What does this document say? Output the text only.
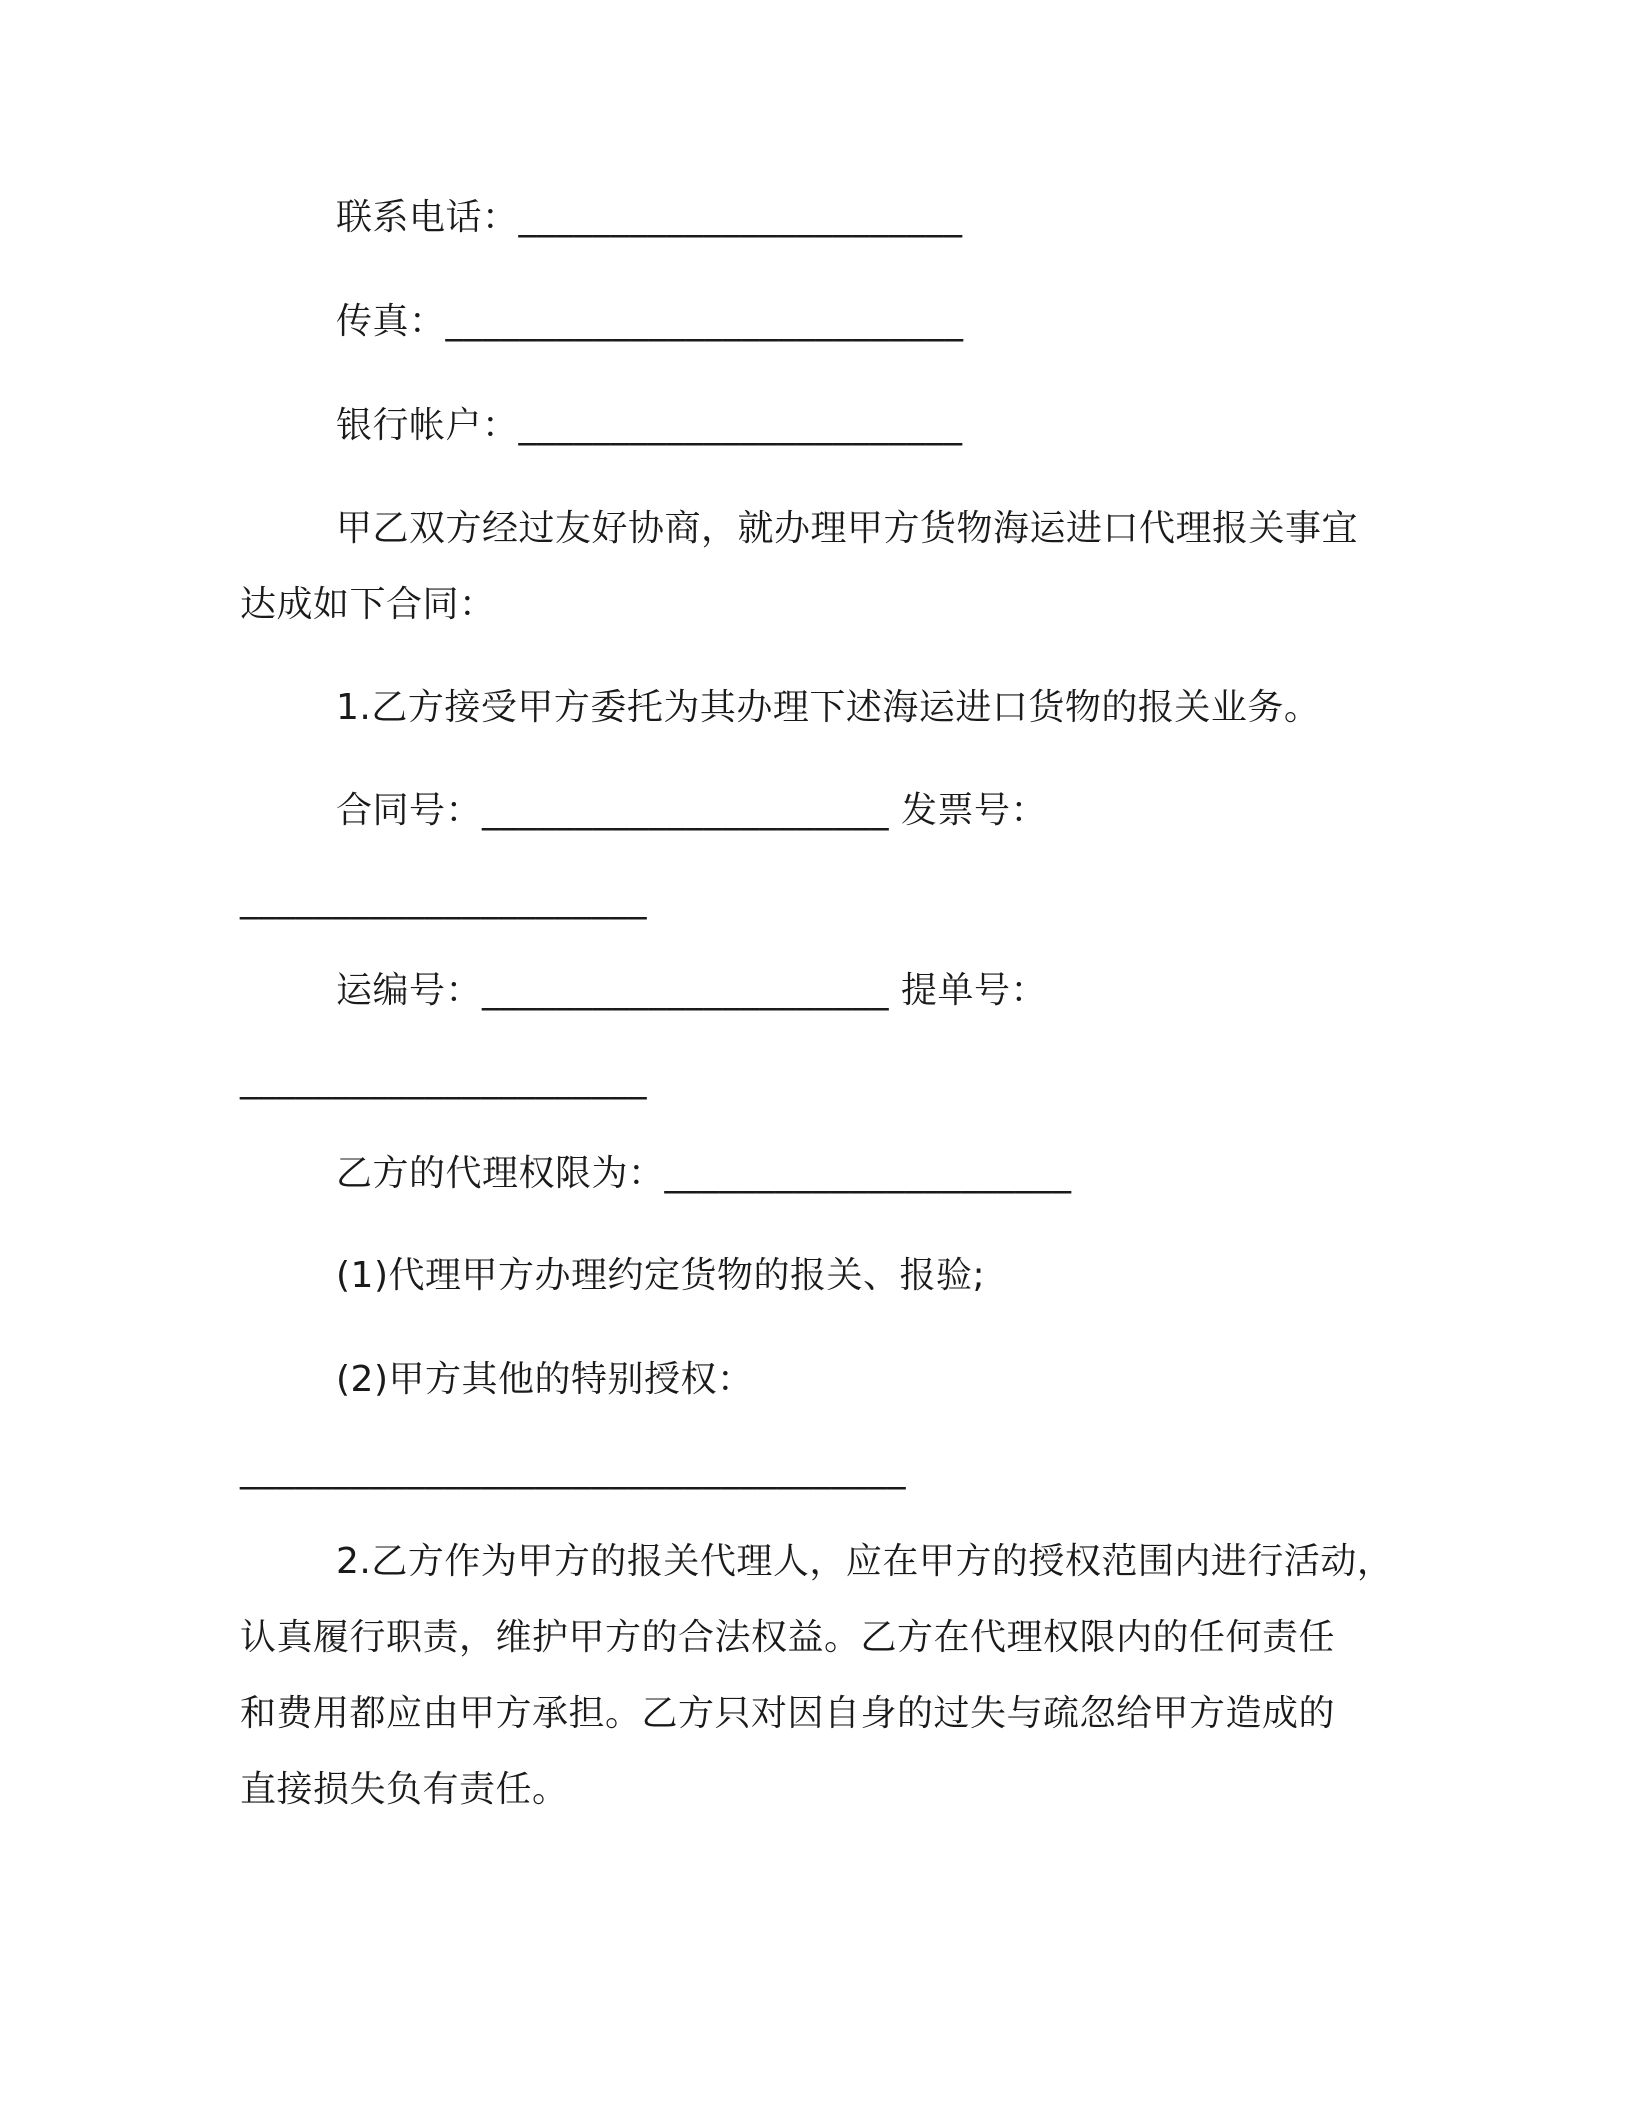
联系电话：________________________
传真：____________________________
银行帐户：________________________
甲乙双方经过友好协商，就办理甲方货物海运进口代理报关事宜
达成如下合同：
1.乙方接受甲方委托为其办理下述海运进口货物的报关业务。
合同号：______________________ 发票号：
______________________
运编号：______________________ 提单号：
______________________
乙方的代理权限为：______________________
(1)代理甲方办理约定货物的报关、报验;
(2)甲方其他的特别授权：
____________________________________
2.乙方作为甲方的报关代理人，应在甲方的授权范围内进行活动，
认真履行职责，维护甲方的合法权益。乙方在代理权限内的任何责任
和费用都应由甲方承担。乙方只对因自身的过失与疏忽给甲方造成的
直接损失负有责任。
